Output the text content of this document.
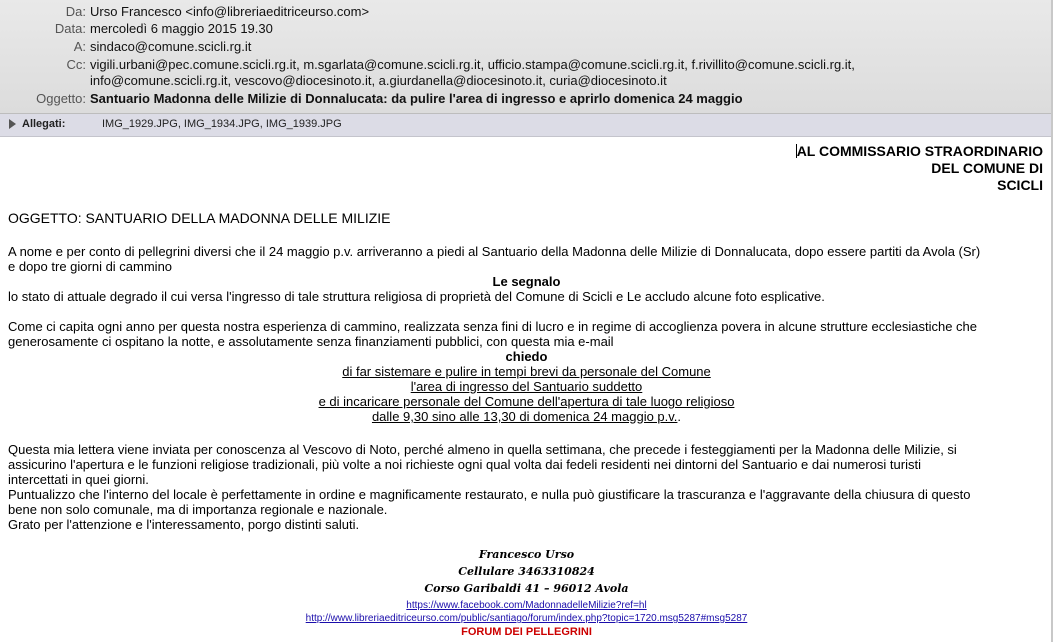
Da: Urso Francesco <info@libreriaeditriceurso.com>
Data: mercoledì 6 maggio 2015 19.30
A: sindaco@comune.scicli.rg.it
Cc: vigili.urbani@pec.comune.scicli.rg.it, m.sgarlata@comune.scicli.rg.it, ufficio.stampa@comune.scicli.rg.it, f.rivillito@comune.scicli.rg.it,
info@comune.scicli.rg.it, vescovo@diocesinoto.it, a.giurdanella@diocesinoto.it, curia@diocesinoto.it
Oggetto: Santuario Madonna delle Milizie di Donnalucata: da pulire l'area di ingresso e aprirlo domenica 24 maggio
Allegati:	IMG_1929.JPG, IMG_1934.JPG, IMG_1939.JPG
AL COMMISSARIO STRAORDINARIO
DEL COMUNE DI
SCICLI
OGGETTO: SANTUARIO DELLA MADONNA DELLE MILIZIE
A nome e per conto di pellegrini diversi che il 24 maggio p.v. arriveranno a piedi al Santuario della Madonna delle Milizie di Donnalucata, dopo essere partiti da Avola (Sr)
e dopo tre giorni di cammino
Le segnalo
lo stato di attuale degrado il cui versa l'ingresso di tale struttura religiosa di proprietà del Comune di Scicli e Le accludo alcune foto esplicative.
Come ci capita ogni anno per questa nostra esperienza di cammino, realizzata senza fini di lucro e in regime di accoglienza povera in alcune strutture ecclesiastiche che
generosamente ci ospitano la notte, e assolutamente senza finanziamenti pubblici, con questa mia e-mail
chiedo
di far sistemare e pulire in tempi brevi da personale del Comune
l'area di ingresso del Santuario suddetto
e di incaricare personale del Comune dell'apertura di tale luogo religioso
dalle 9,30 sino alle 13,30 di domenica 24 maggio p.v..
Questa mia lettera viene inviata per conoscenza al Vescovo di Noto, perché almeno in quella settimana, che precede i festeggiamenti per la Madonna delle Milizie, si
assicurino l'apertura e le funzioni religiose tradizionali, più volte a noi richieste ogni qual volta dai fedeli residenti nei dintorni del Santuario e dai numerosi turisti
intercettati in quei giorni.
Puntualizzo che l'interno del locale è perfettamente in ordine e magnificamente restaurato, e nulla può giustificare la trascuranza e l'aggravante della chiusura di questo
bene non solo comunale, ma di importanza regionale e nazionale.
Grato per l'attenzione e l'interessamento, porgo distinti saluti.
Francesco Urso
Cellulare 3463310824
Corso Garibaldi 41 – 96012 Avola
https://www.facebook.com/MadonnadelleMilizie?ref=hl
http://www.libreriaeditriceurso.com/public/santiago/forum/index.php?topic=1720.msg5287#msg5287
FORUM DEI PELLEGRINI
